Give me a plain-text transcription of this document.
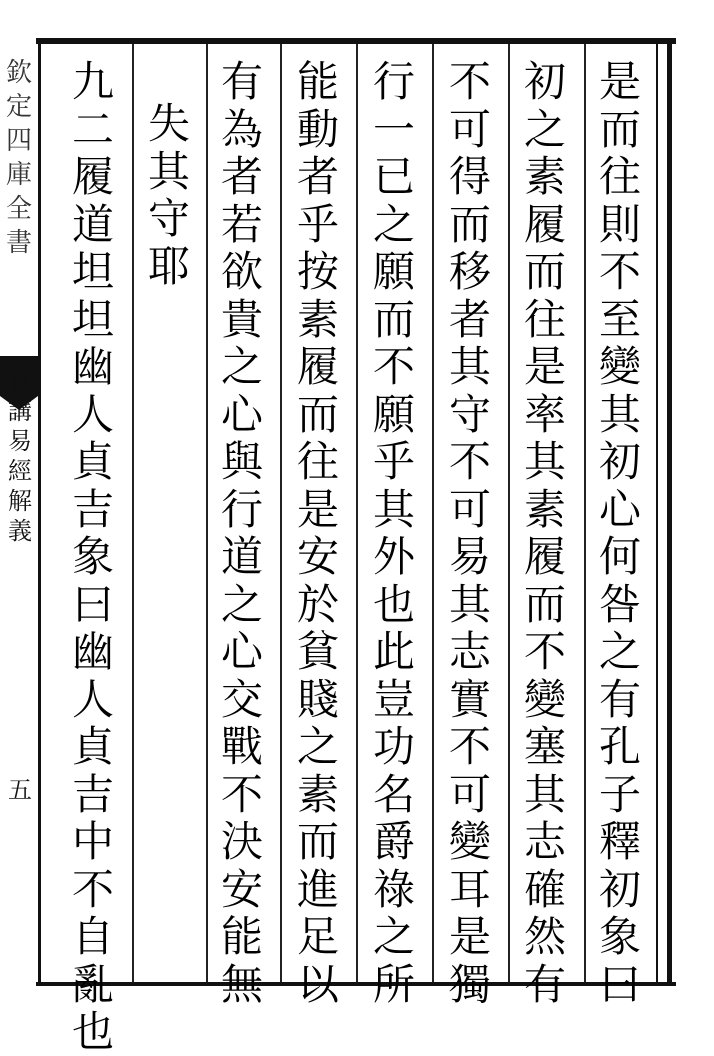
欽定四庫全書
日講易經解義
五
是而往則不至變其初心何咎之有孔子釋初象曰
初之素履而往是率其素履而不變塞其志確然有
不可得而移者其守不可易其志實不可變耳是獨
行一已之願而不願乎其外也此豈功名爵祿之所
能動者乎按素履而往是安於貧賤之素而進足以
有為者若欲貴之心與行道之心交戰不決安能無
失其守耶
九二履道坦坦幽人貞吉象曰幽人貞吉中不自亂也
